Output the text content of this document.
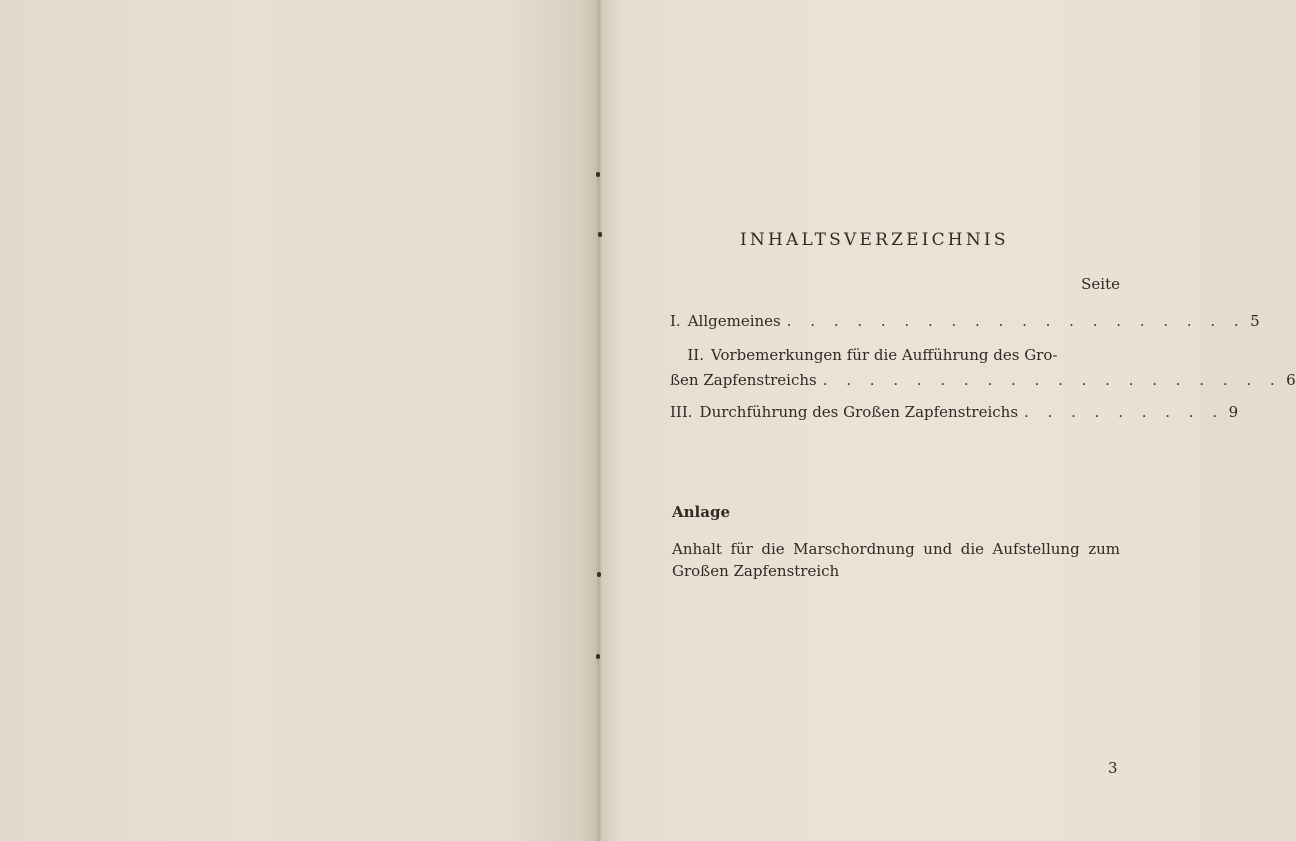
INHALTSVERZEICHNIS
Seite
I. Allgemeines . . . . . . . . . . . . . . . . . . . . 5
II. Vorbemerkungen für die Aufführung des Gro-
ßen Zapfenstreichs . . . . . . . . . . . . . . . . . . . . 6
III. Durchführung des Großen Zapfenstreichs . . . . . . . . . 9
Anlage
Anhalt für die Marschordnung und die Aufstellung zum Großen Zapfenstreich
3
